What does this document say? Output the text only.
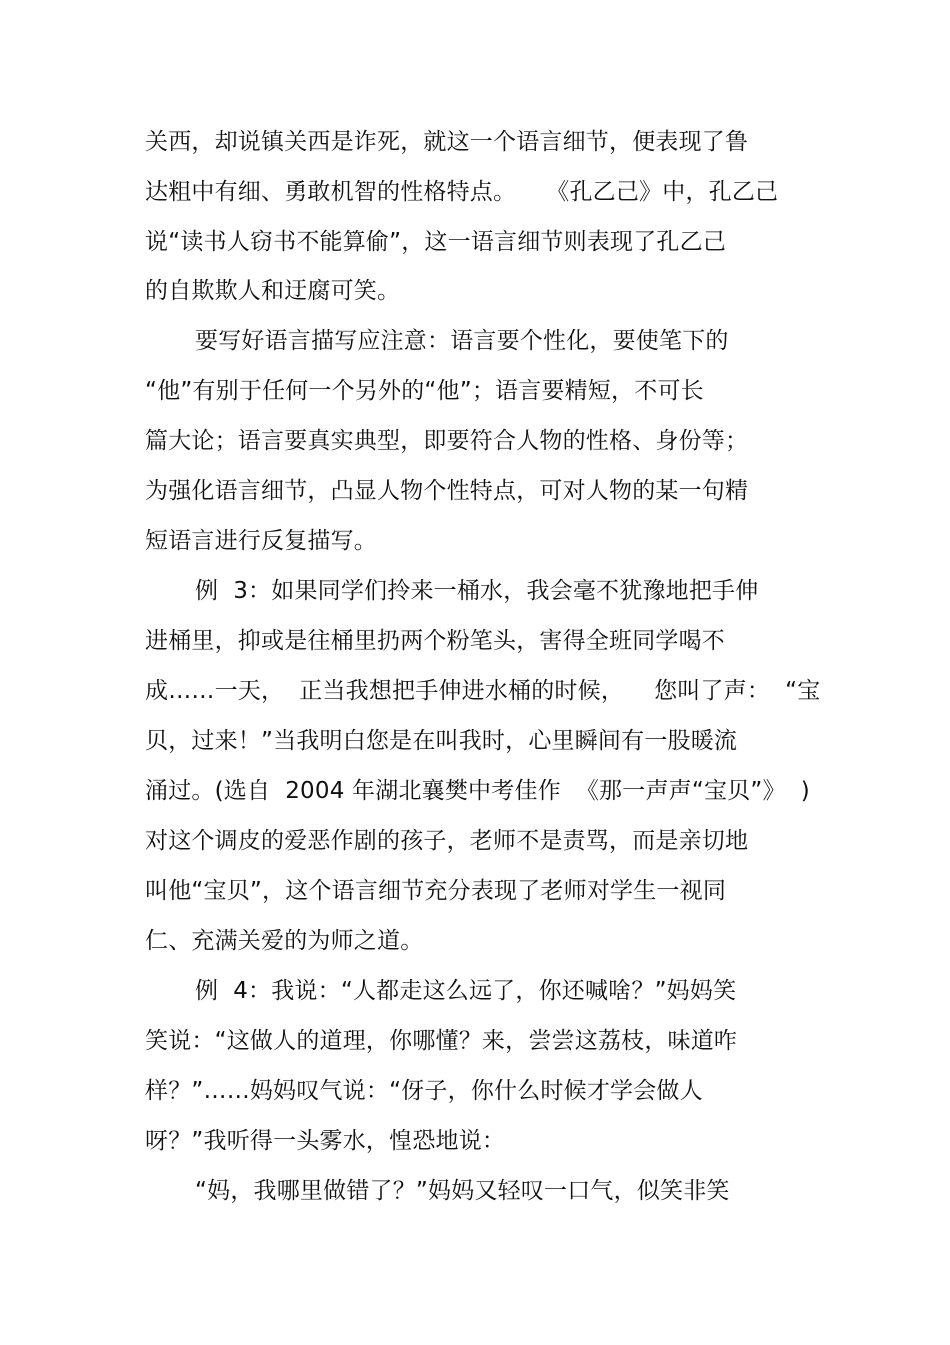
关西，却说镇关西是诈死，就这一个语言细节，便表现了鲁
达粗中有细、勇敢机智的性格特点。    《孔乙己》中，孔乙己
说“读书人窃书不能算偷”，这一语言细节则表现了孔乙己
的自欺欺人和迂腐可笑。
要写好语言描写应注意：语言要个性化，要使笔下的
“他”有别于任何一个另外的“他”；语言要精短，不可长
篇大论；语言要真实典型，即要符合人物的性格、身份等；
为强化语言细节，凸显人物个性特点，可对人物的某一句精
短语言进行反复描写。
例  3：如果同学们拎来一桶水，我会毫不犹豫地把手伸
进桶里，抑或是往桶里扔两个粉笔头，害得全班同学喝不
成……一天，  正当我想把手伸进水桶的时候，    您叫了声：  “宝
贝，过来！”当我明白您是在叫我时，心里瞬间有一股暖流
涌过。(选自  2004 年湖北襄樊中考佳作  《那一声声“宝贝”》  )
对这个调皮的爱恶作剧的孩子，老师不是责骂，而是亲切地
叫他“宝贝”，这个语言细节充分表现了老师对学生一视同
仁、充满关爱的为师之道。
例  4：我说：“人都走这么远了，你还喊啥？”妈妈笑
笑说：“这做人的道理，你哪懂？来，尝尝这荔枝，味道咋
样？”……妈妈叹气说：“伢子，你什么时候才学会做人
呀？”我听得一头雾水，惶恐地说：
“妈，我哪里做错了？”妈妈又轻叹一口气，似笑非笑
